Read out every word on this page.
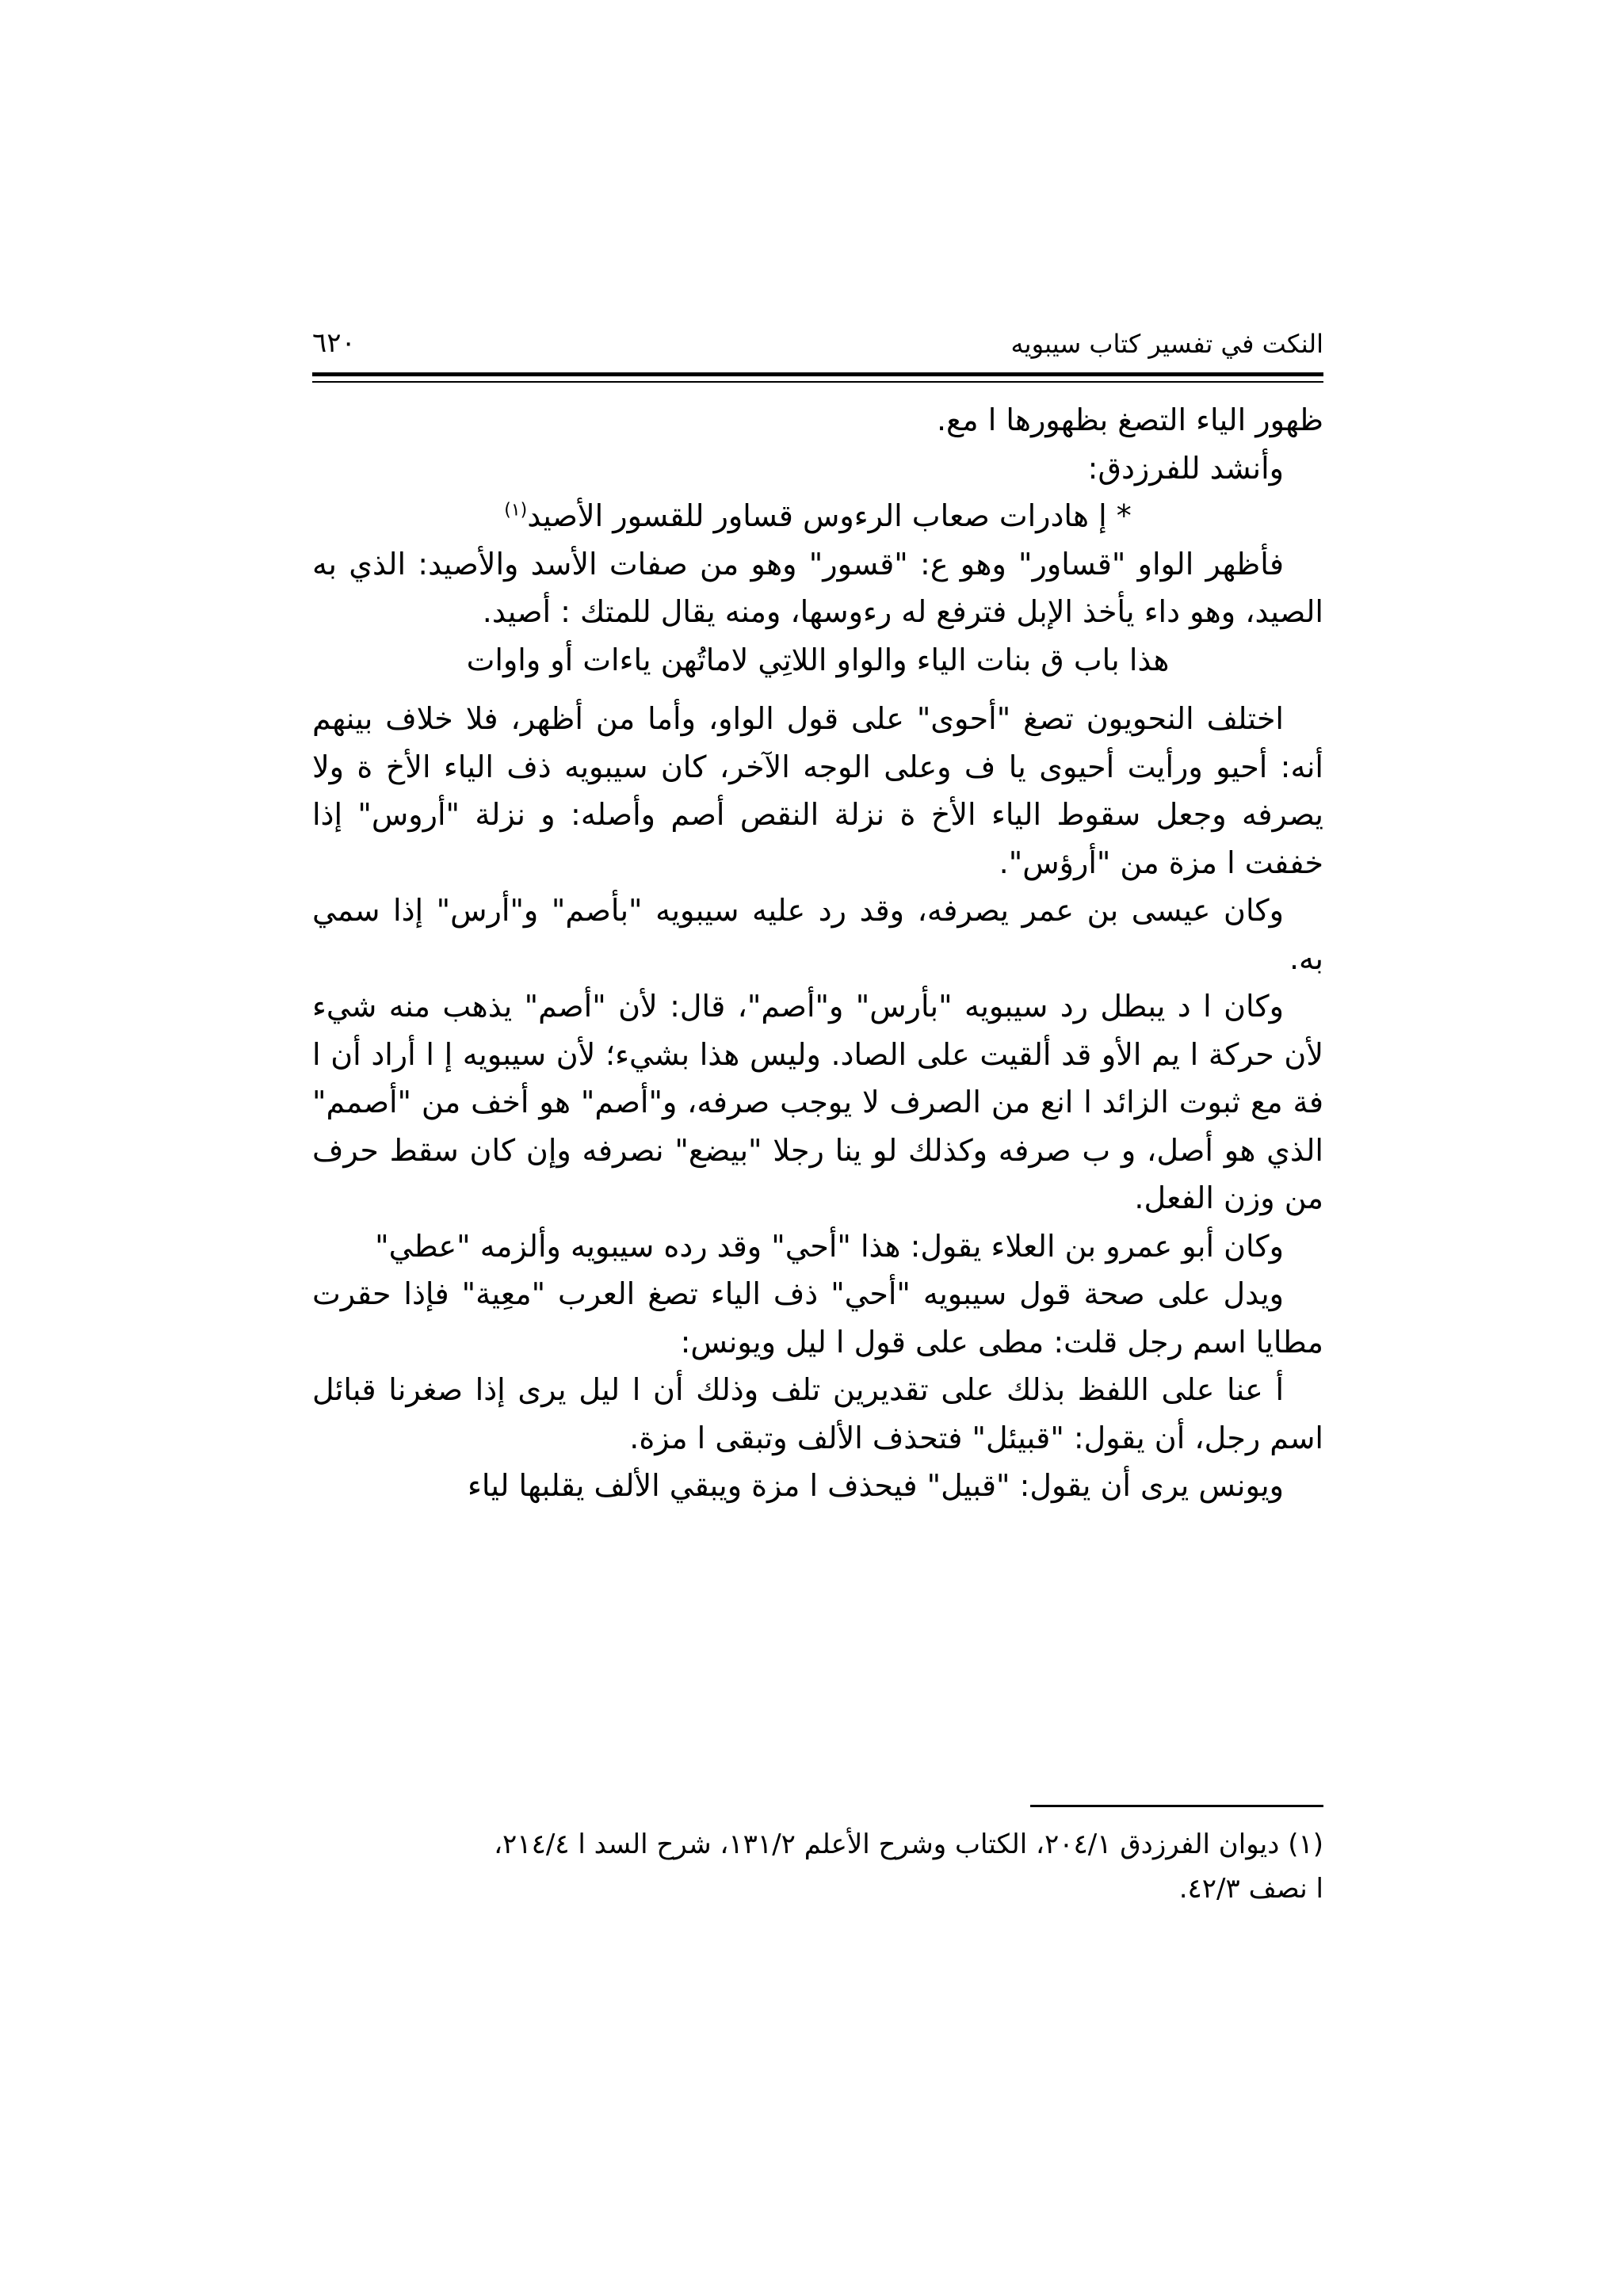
النكت في تفسير كتاب سيبويه
٦٢٠

ظهور الياء التصغ بظهورها ا مع.

وأنشد للفرزدق:

* إ هادرات صعاب الرءوس قساور للقسور الأصيد$^{(١)}$

فأظهر الواو "قساور" وهو ع: "قسور" وهو من صفات الأسد والأصيد: الذي به الصيد، وهو داء يأخذ الإبل فترفع له رءوسها، ومنه يقال للمتك : أصيد.

هذا باب ق بنات الياء والواو اللاتِي لاماتُهن ياءات أو واوات

اختلف النحويون تصغ "أحوى" على قول الواو، وأما من أظهر، فلا خلاف بينهم أنه: أحيو ورأيت أحيوى يا ف وعلى الوجه الآخر، كان سيبويه ذف الياء الأخ ة ولا يصرفه وجعل سقوط الياء الأخ ة نزلة النقص أصم وأصله: و نزلة "أروس" إذا خففت ا مزة من "أرؤس".

وكان عيسى بن عمر يصرفه، وقد رد عليه سيبويه "بأصم" و"أرس" إذا سمي به.

وكان ا د يبطل رد سيبويه "بأرس" و"أصم"، قال: لأن "أصم" يذهب منه شيء لأن حركة ا يم الأو قد ألقيت على الصاد. وليس هذا بشيء؛ لأن سيبويه إ ا أراد أن ا فة مع ثبوت الزائد ا انع من الصرف لا يوجب صرفه، و"أصم" هو أخف من "أصمم" الذي هو أصل، و ب صرفه وكذلك لو ينا رجلا "بيضع" نصرفه وإن كان سقط حرف من وزن الفعل.

وكان أبو عمرو بن العلاء يقول: هذا "أحي" وقد رده سيبويه وألزمه "عطي"

ويدل على صحة قول سيبويه "أحي" ذف الياء تصغ العرب "معِية" فإذا حقرت مطايا اسم رجل قلت: مطى على قول ا ليل ويونس:

أ عنا على اللفظ بذلك على تقديرين تلف وذلك أن ا ليل يرى إذا صغرنا قبائل اسم رجل، أن يقول: "قبيئل" فتحذف الألف وتبقى ا مزة.

ويونس يرى أن يقول: "قبيل" فيحذف ا مزة ويبقي الألف يقلبها لياء

(١) ديوان الفرزدق ٢٠٤/١، الكتاب وشرح الأعلم ١٣١/٢، شرح السد ا ٢١٤/٤،

ا نصف ٤٢/٣.
